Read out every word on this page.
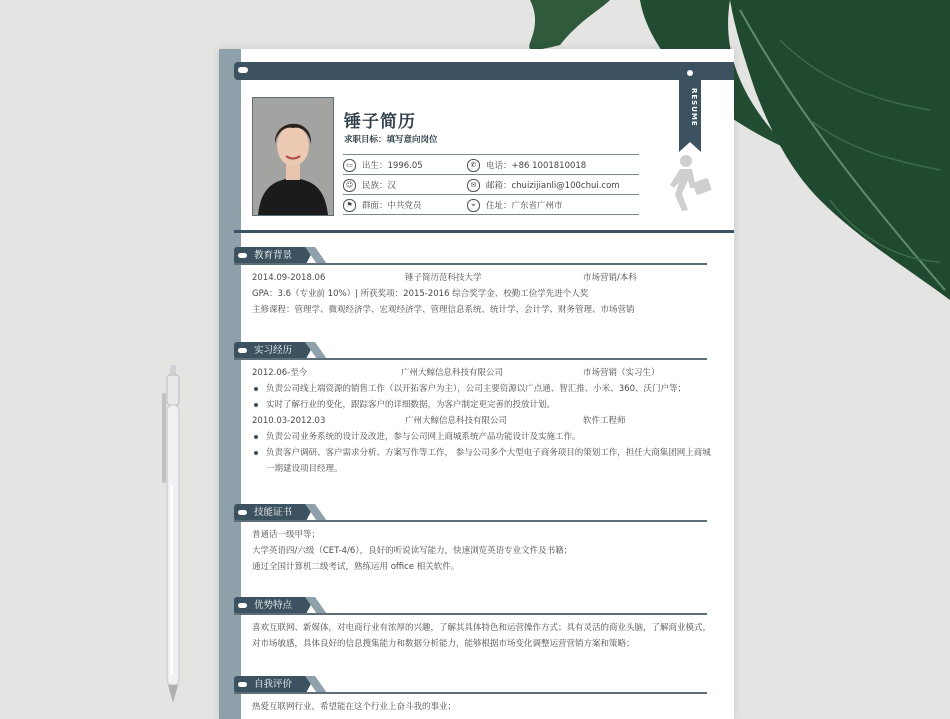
RESUME
锤子简历
求职目标：填写意向岗位
▭ 出生：1996.05	✆ 电话：+86 1001810018
☺ 民族：汉	✉ 邮箱：chuizijianli@100chui.com
⚑ 群面：中共党员	⌖ 住址：广东省广州市
教育背景
2014.09-2018.06	锤子简历范科技大学	市场营销/本科
GPA：3.6（专业前 10%）| 所获奖项：2015-2016 综合奖学金、校勤工俭学先进个人奖
主修课程：管理学、微观经济学、宏观经济学、管理信息系统、统计学、会计学、财务管理、市场营销
实习经历
2012.06-至今	广州大鲸信息科技有限公司	市场营销（实习生）
负责公司线上端资源的销售工作（以开拓客户为主），公司主要资源以广点通、智汇推、小米、360、沃门户等；
实时了解行业的变化，跟踪客户的详细数据，为客户制定更完善的投放计划。
2010.03-2012.03	广州大鲸信息科技有限公司	软件工程师
负责公司业务系统的设计及改进，参与公司网上商城系统产品功能设计及实施工作。
负责客户调研、客户需求分析、方案写作等工作， 参与公司多个大型电子商务项目的策划工作，担任大商集团网上商城一期建设项目经理。
技能证书
普通话一级甲等；
大学英语四/六级（CET-4/6），良好的听说读写能力，快速浏览英语专业文件及书籍；
通过全国计算机二级考试，熟练运用 office 相关软件。
优势特点
喜欢互联网、新媒体，对电商行业有浓厚的兴趣，了解其具体特色和运营操作方式；具有灵活的商业头脑，了解商业模式，对市场敏感，具体良好的信息搜集能力和数据分析能力，能够根据市场变化调整运营营销方案和策略；
自我评价
热爱互联网行业，希望能在这个行业上奋斗我的事业；
